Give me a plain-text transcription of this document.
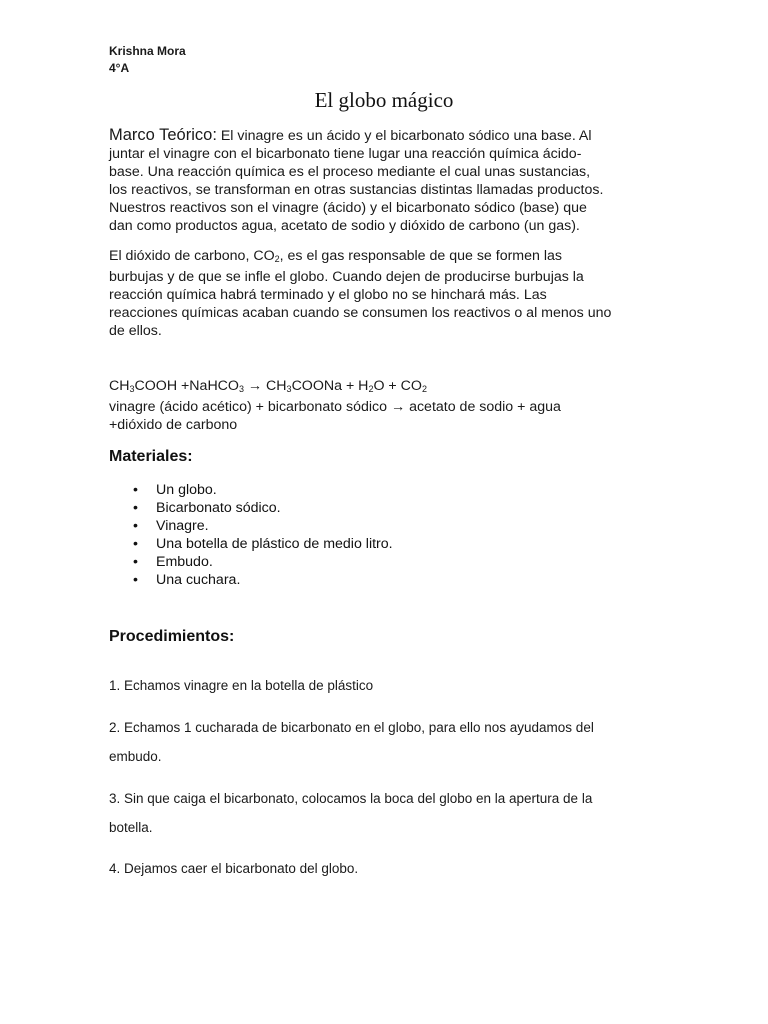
Krishna Mora
4°A
El globo mágico
Marco Teórico: El vinagre es un ácido y el bicarbonato sódico una base. Al
juntar el vinagre con el bicarbonato tiene lugar una reacción química ácido-
base. Una reacción química es el proceso mediante el cual unas sustancias,
los reactivos, se transforman en otras sustancias distintas llamadas productos.
Nuestros reactivos son el vinagre (ácido) y el bicarbonato sódico (base) que
dan como productos agua, acetato de sodio y dióxido de carbono (un gas).
El dióxido de carbono, $CO_2$, es el gas responsable de que se formen las
burbujas y de que se infle el globo. Cuando dejen de producirse burbujas la
reacción química habrá terminado y el globo no se hinchará más. Las
reacciones químicas acaban cuando se consumen los reactivos o al menos uno
de ellos.
$CH_3COOH$ +NaHCO$_3$ → $CH_3COONa + H_2O + CO_2$
vinagre (ácido acético) + bicarbonato sódico → acetato de sodio + agua
+dióxido de carbono
Materiales:
• Un globo.
• Bicarbonato sódico.
• Vinagre.
• Una botella de plástico de medio litro.
• Embudo.
• Una cuchara.
Procedimientos:
1. Echamos vinagre en la botella de plástico
2. Echamos 1 cucharada de bicarbonato en el globo, para ello nos ayudamos del
embudo.
3. Sin que caiga el bicarbonato, colocamos la boca del globo en la apertura de la
botella.
4. Dejamos caer el bicarbonato del globo.
